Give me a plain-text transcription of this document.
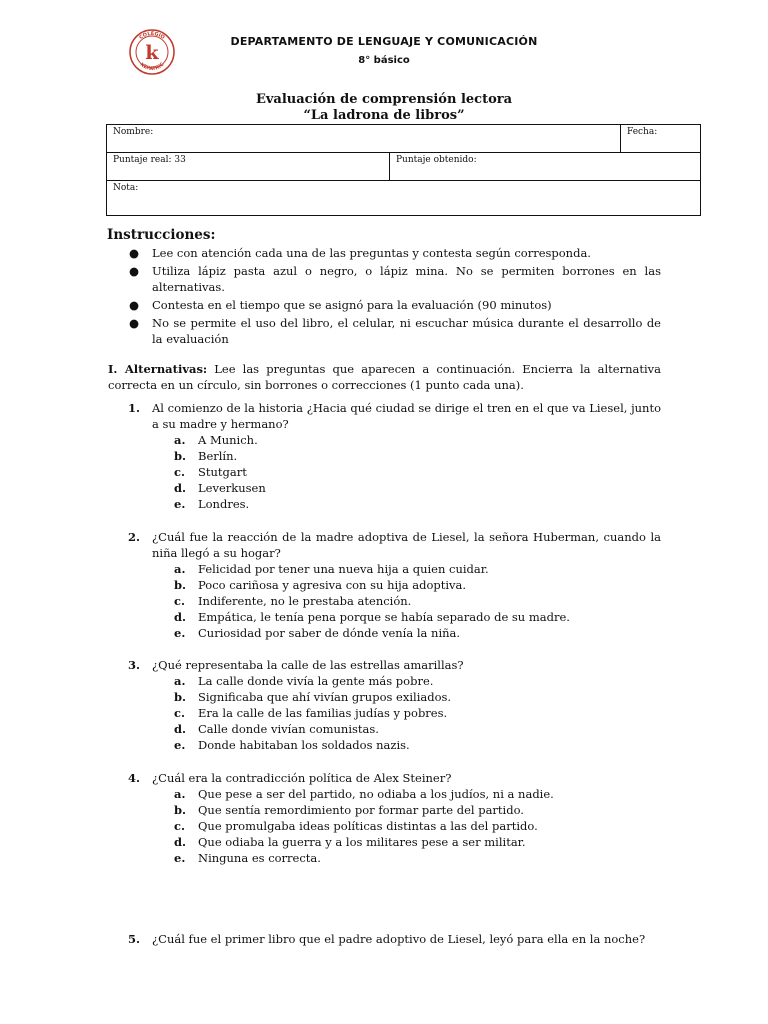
COLEGIO
KEPATRIC
k
DEPARTAMENTO DE LENGUAJE Y COMUNICACIÓN
8° básico
Evaluación de comprensión lectora
“La ladrona de libros”
Nombre:		Fecha:
Puntaje real: 33	Puntaje obtenido:	
Nota:		
Instrucciones:
● Lee con atención cada una de las preguntas y contesta según corresponda.
● Utiliza lápiz pasta azul o negro, o lápiz mina. No se permiten borrones en las alternativas.
● Contesta en el tiempo que se asignó para la evaluación (90 minutos)
● No se permite el uso del libro, el celular, ni escuchar música durante el desarrollo de la evaluación
I. Alternativas: Lee las preguntas que aparecen a continuación. Encierra la alternativa correcta en un círculo, sin borrones o correcciones (1 punto cada una).
1. Al comienzo de la historia ¿Hacia qué ciudad se dirige el tren en el que va Liesel, junto a su madre y hermano?
a. A Munich.
b. Berlín.
c. Stutgart
d. Leverkusen
e. Londres.
2. ¿Cuál fue la reacción de la madre adoptiva de Liesel, la señora Huberman, cuando la niña llegó a su hogar?
a. Felicidad por tener una nueva hija a quien cuidar.
b. Poco cariñosa y agresiva con su hija adoptiva.
c. Indiferente, no le prestaba atención.
d. Empática, le tenía pena porque se había separado de su madre.
e. Curiosidad por saber de dónde venía la niña.
3. ¿Qué representaba la calle de las estrellas amarillas?
a. La calle donde vivía la gente más pobre.
b. Significaba que ahí vivían grupos exiliados.
c. Era la calle de las familias judías y pobres.
d. Calle donde vivían comunistas.
e. Donde habitaban los soldados nazis.
4. ¿Cuál era la contradicción política de Alex Steiner?
a. Que pese a ser del partido, no odiaba a los judíos, ni a nadie.
b. Que sentía remordimiento por formar parte del partido.
c. Que promulgaba ideas políticas distintas a las del partido.
d. Que odiaba la guerra y a los militares pese a ser militar.
e. Ninguna es correcta.
5. ¿Cuál fue el primer libro que el padre adoptivo de Liesel, leyó para ella en la noche?
